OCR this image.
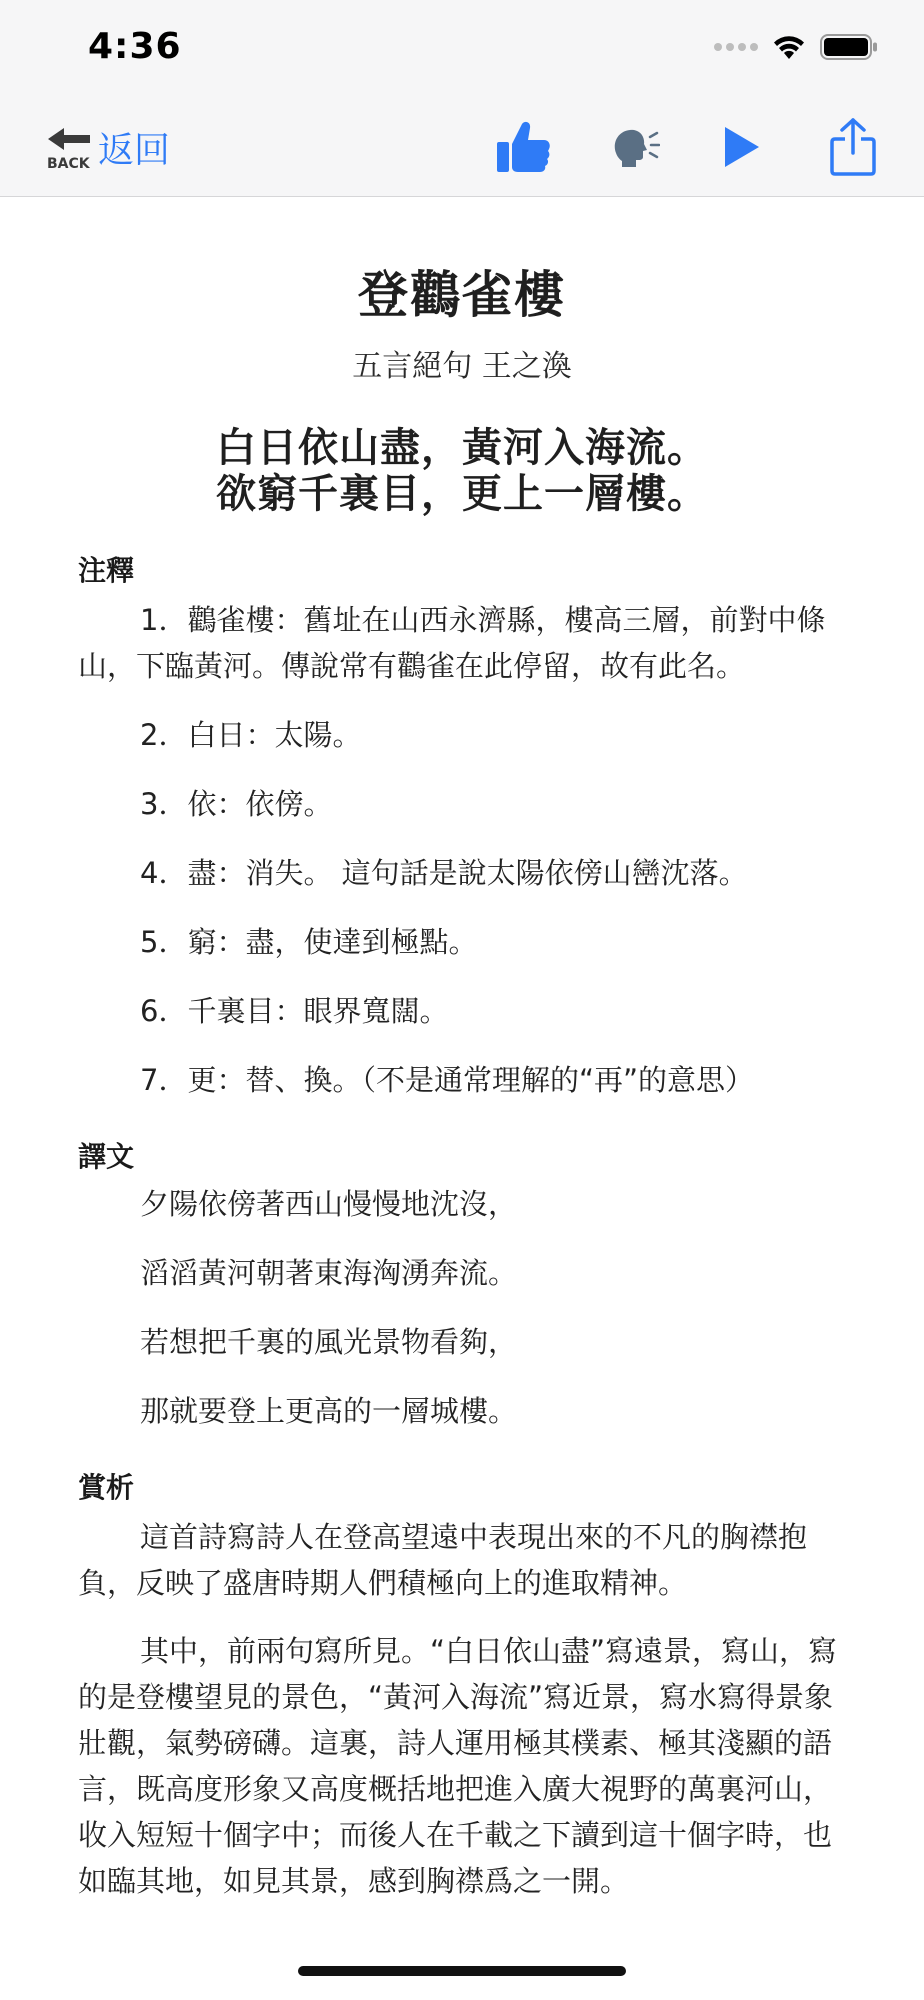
4:36
BACK 返回
登鸛雀樓
五言絕句 王之渙
白日依山盡，黃河入海流。
欲窮千裏目，更上一層樓。
注釋

1．鸛雀樓：舊址在山西永濟縣，樓高三層，前對中條山，下臨黃河。傳說常有鸛雀在此停留，故有此名。

2．白日：太陽。
3．依：依傍。
4．盡：消失。 這句話是說太陽依傍山巒沈落。
5．窮：盡，使達到極點。
6．千裏目：眼界寬闊。
7．更：替、換。（不是通常理解的“再”的意思）
譯文
夕陽依傍著西山慢慢地沈沒，
滔滔黃河朝著東海洶湧奔流。
若想把千裏的風光景物看夠，
那就要登上更高的一層城樓。
賞析

這首詩寫詩人在登高望遠中表現出來的不凡的胸襟抱負，反映了盛唐時期人們積極向上的進取精神。

其中，前兩句寫所見。“白日依山盡”寫遠景，寫山，寫的是登樓望見的景色，“黃河入海流”寫近景，寫水寫得景象壯觀，氣勢磅礴。這裏，詩人運用極其樸素、極其淺顯的語言，既高度形象又高度概括地把進入廣大視野的萬裏河山，收入短短十個字中；而後人在千載之下讀到這十個字時，也如臨其地，如見其景，感到胸襟爲之一開。
